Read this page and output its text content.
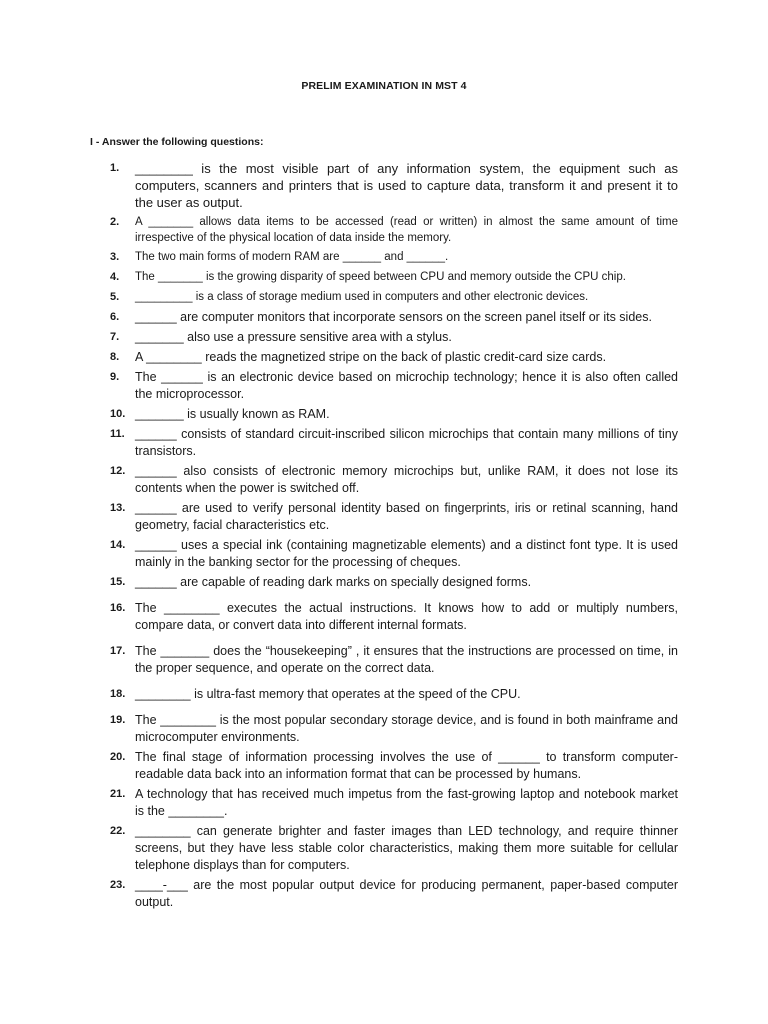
PRELIM EXAMINATION IN MST 4
I - Answer the following questions:
1.	________ is the most visible part of any information system, the equipment such as computers, scanners and printers that is used to capture data, transform it and present it to the user as output.

2.	A _______ allows data items to be accessed (read or written) in almost the same amount of time irrespective of the physical location of data inside the memory.

3.	The two main forms of modern RAM are ______ and ______.

4.	The _______ is the growing disparity of speed between CPU and memory outside the CPU chip.

5.	_________ is a class of storage medium used in computers and other electronic devices.

6.	______ are computer monitors that incorporate sensors on the screen panel itself or its sides.

7.	_______ also use a pressure sensitive area with a stylus.

8.	A ________ reads the magnetized stripe on the back of plastic credit-card size cards.

9.	The ______ is an electronic device based on microchip technology; hence it is also often called the microprocessor.

10. _______ is usually known as RAM.

11. ______ consists of standard circuit-inscribed silicon microchips that contain many millions of tiny transistors.

12. ______ also consists of electronic memory microchips but, unlike RAM, it does not lose its contents when the power is switched off.

13. ______ are used to verify personal identity based on fingerprints, iris or retinal scanning, hand geometry, facial characteristics etc.

14. ______ uses a special ink (containing magnetizable elements) and a distinct font type. It is used mainly in the banking sector for the processing of cheques.

15. ______ are capable of reading dark marks on specially designed forms.

16. The ________ executes the actual instructions. It knows how to add or multiply numbers, compare data, or convert data into different internal formats.

17. The _______ does the “housekeeping” , it ensures that the instructions are processed on time, in the proper sequence, and operate on the correct data.

18. ________ is ultra-fast memory that operates at the speed of the CPU.

19. The ________ is the most popular secondary storage device, and is found in both mainframe and microcomputer environments.

20. The final stage of information processing involves the use of ______ to transform computer-readable data back into an information format that can be processed by humans.

21. A technology that has received much impetus from the fast-growing laptop and notebook market is the ________.

22. ________ can generate brighter and faster images than LED technology, and require thinner screens, but they have less stable color characteristics, making them more suitable for cellular telephone displays than for computers.

23. ____-___ are the most popular output device for producing permanent, paper-based computer output.
